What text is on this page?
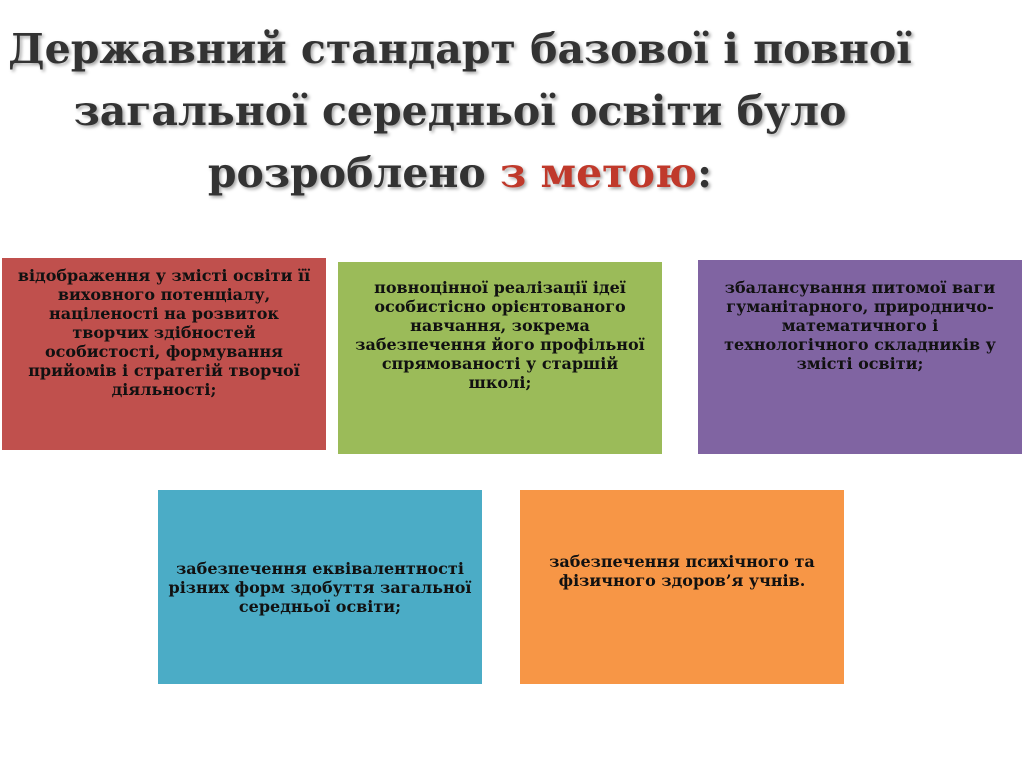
Державний стандарт базової і повної
загальної середньої освіти було
розроблено з метою:
відображення у змісті освіти її виховного потенціалу, націленості на розвиток творчих здібностей особистості, формування прийомів і стратегій творчої діяльності;
повноцінної реалізації ідеї особистісно орієнтованого навчання, зокрема забезпечення його профільної спрямованості у старшій школі;
збалансування питомої ваги гуманітарного, природничо-математичного і технологічного складників у змісті освіти;
забезпечення еквівалентності різних форм здобуття загальної середньої освіти;
забезпечення психічного та фізичного здоров’я учнів.
